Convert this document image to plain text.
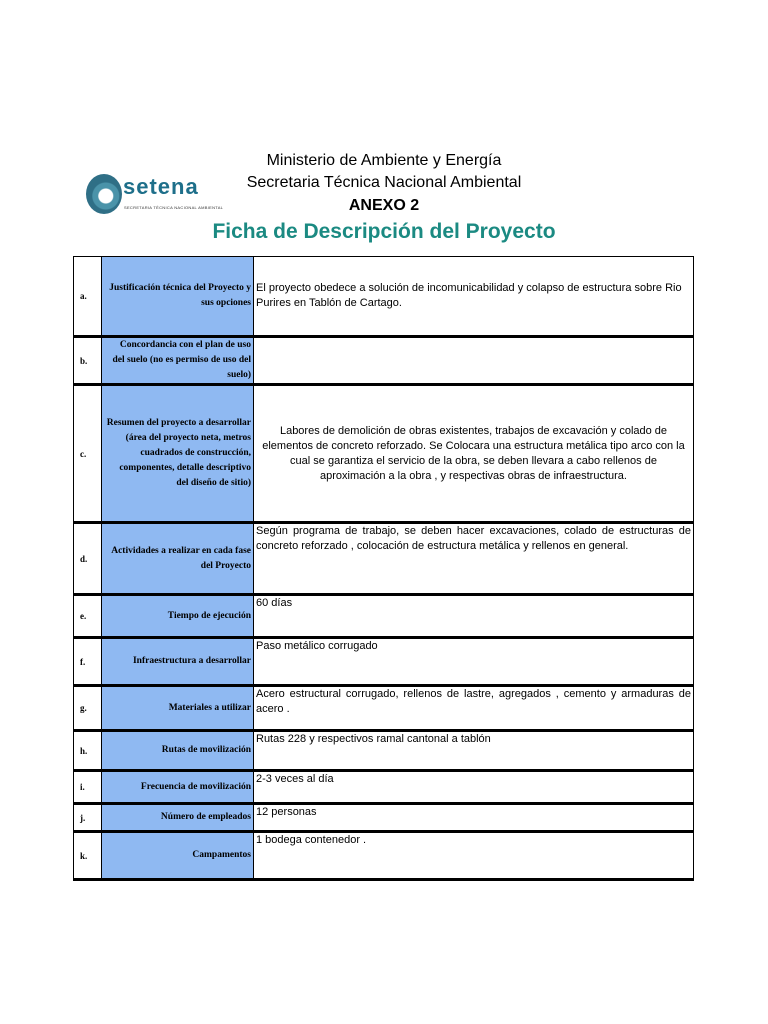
Ministerio de Ambiente y Energía
Secretaria Técnica Nacional Ambiental
ANEXO 2
Ficha de Descripción del Proyecto
setena
SECRETARIA TÉCNICA NACIONAL AMBIENTAL
a.	Justificación técnica del Proyecto y sus opciones	El proyecto obedece a solución de incomunicabilidad y colapso de estructura sobre Rio Purires en Tablón de Cartago.
b.	Concordancia con el plan de uso del suelo (no es permiso de uso del suelo)	
c.	Resumen del proyecto a desarrollar (área del proyecto neta, metros cuadrados de construcción, componentes, detalle descriptivo del diseño de sitio)	Labores de demolición de obras existentes, trabajos de excavación y colado de elementos de concreto reforzado. Se Colocara una estructura metálica tipo arco con la cual se garantiza el servicio de la obra, se deben llevara a cabo rellenos de aproximación a la obra , y respectivas obras de infraestructura.
d.	Actividades a realizar en cada fase del Proyecto	Según programa de trabajo, se deben hacer excavaciones, colado de estructuras de concreto reforzado , colocación de estructura metálica y rellenos en general.
e.	Tiempo de ejecución	60 días
f.	Infraestructura a desarrollar	Paso metálico corrugado
g.	Materiales a utilizar	Acero estructural corrugado, rellenos de lastre, agregados , cemento y armaduras de acero .
h.	Rutas de movilización	Rutas 228 y respectivos ramal cantonal a tablón
i.	Frecuencia de movilización	2-3 veces al día
j.	Número de empleados	12 personas
k.	Campamentos	1 bodega contenedor .
